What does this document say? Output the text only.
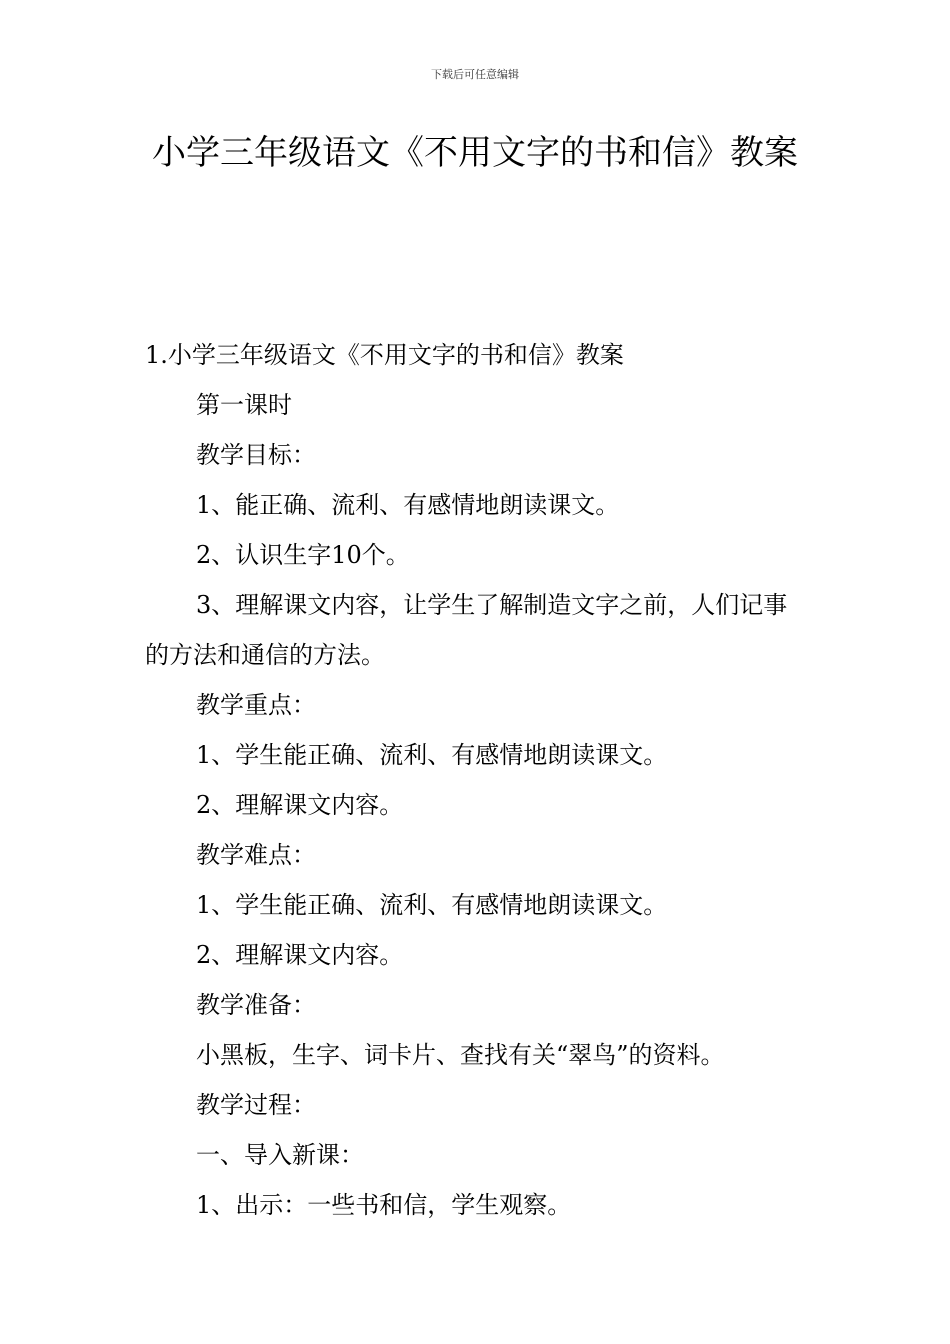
下载后可任意编辑
小学三年级语文《不用文字的书和信》教案

1.小学三年级语文《不用文字的书和信》教案

第一课时

教学目标：

1、能正确、流利、有感情地朗读课文。

2、认识生字10个。

3、理解课文内容，让学生了解制造文字之前，人们记事的方法和通信的方法。

教学重点：

1、学生能正确、流利、有感情地朗读课文。

2、理解课文内容。

教学难点：

1、学生能正确、流利、有感情地朗读课文。

2、理解课文内容。

教学准备：

小黑板，生字、词卡片、查找有关“翠鸟”的资料。

教学过程：

一、导入新课：

1、出示：一些书和信，学生观察。
